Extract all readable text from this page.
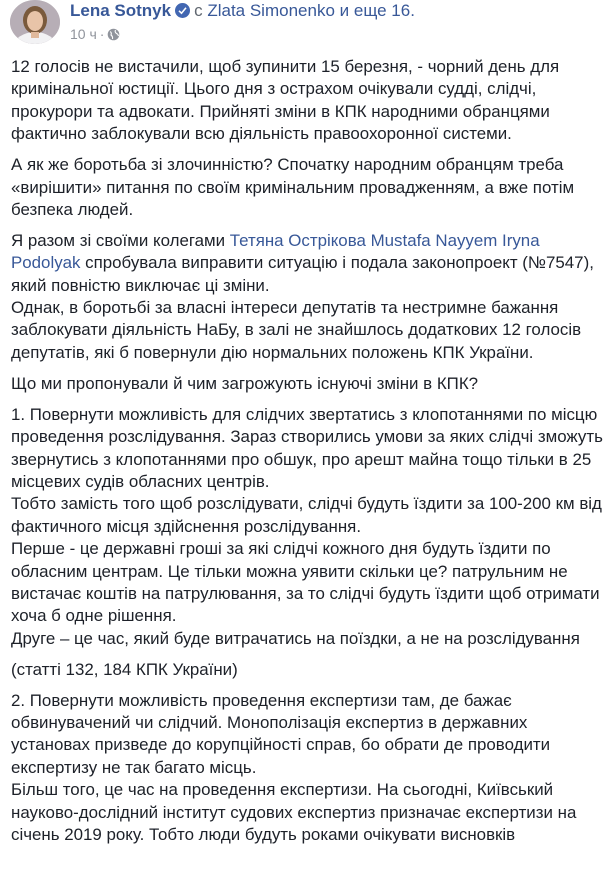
Lena Sotnyk с Zlata Simonenko и еще 16.
10 ч ·

12 голосів не вистачили, щоб зупинити 15 березня, - чорний день для кримінальної юстиції. Цього дня з острахом очікували судді, слідчі, прокурори та адвокати. Прийняті зміни в КПК народними обранцями фактично заблокували всю діяльність правоохоронної системи.

А як же боротьба зі злочинністю? Спочатку народним обранцям треба «вирішити» питання по своїм кримінальним провадженням, а вже потім безпека людей.

Я разом зі своїми колегами Тетяна Острікова Mustafa Nayyem Iryna Podolyak спробувала виправити ситуацію і подала законопроект (№7547), який повністю виключає ці зміни.
Однак, в боротьбі за власні інтереси депутатів та нестримне бажання заблокувати діяльність НаБу, в залі не знайшлось додаткових 12 голосів депутатів, які б повернули дію нормальних положень КПК України.

Що ми пропонували й чим загрожують існуючі зміни в КПК?

1. Повернути можливість для слідчих звертатись з клопотаннями по місцю проведення розслідування. Зараз створились умови за яких слідчі зможуть звернутись з клопотаннями про обшук, про арешт майна тощо тільки в 25 місцевих судів обласних центрів.
Тобто замість того щоб розслідувати, слідчі будуть їздити за 100-200 км від фактичного місця здійснення розслідування.
Перше - це державні гроші за які слідчі кожного дня будуть їздити по обласним центрам. Це тільки можна уявити скільки це? патрульним не вистачає коштів на патрулювання, за то слідчі будуть їздити щоб отримати хоча б одне рішення.
Друге – це час, який буде витрачатись на поїздки, а не на розслідування

(статті 132, 184 КПК України)

2. Повернути можливість проведення експертизи там, де бажає обвинувачений чи слідчий. Монополізація експертиз в державних установах призведе до корупційності справ, бо обрати де проводити експертизу не так багато місць.
Більш того, це час на проведення експертизи. На сьогодні, Київський науково-дослідний інститут судових експертиз призначає експертизи на січень 2019 року. Тобто люди будуть роками очікувати висновків
